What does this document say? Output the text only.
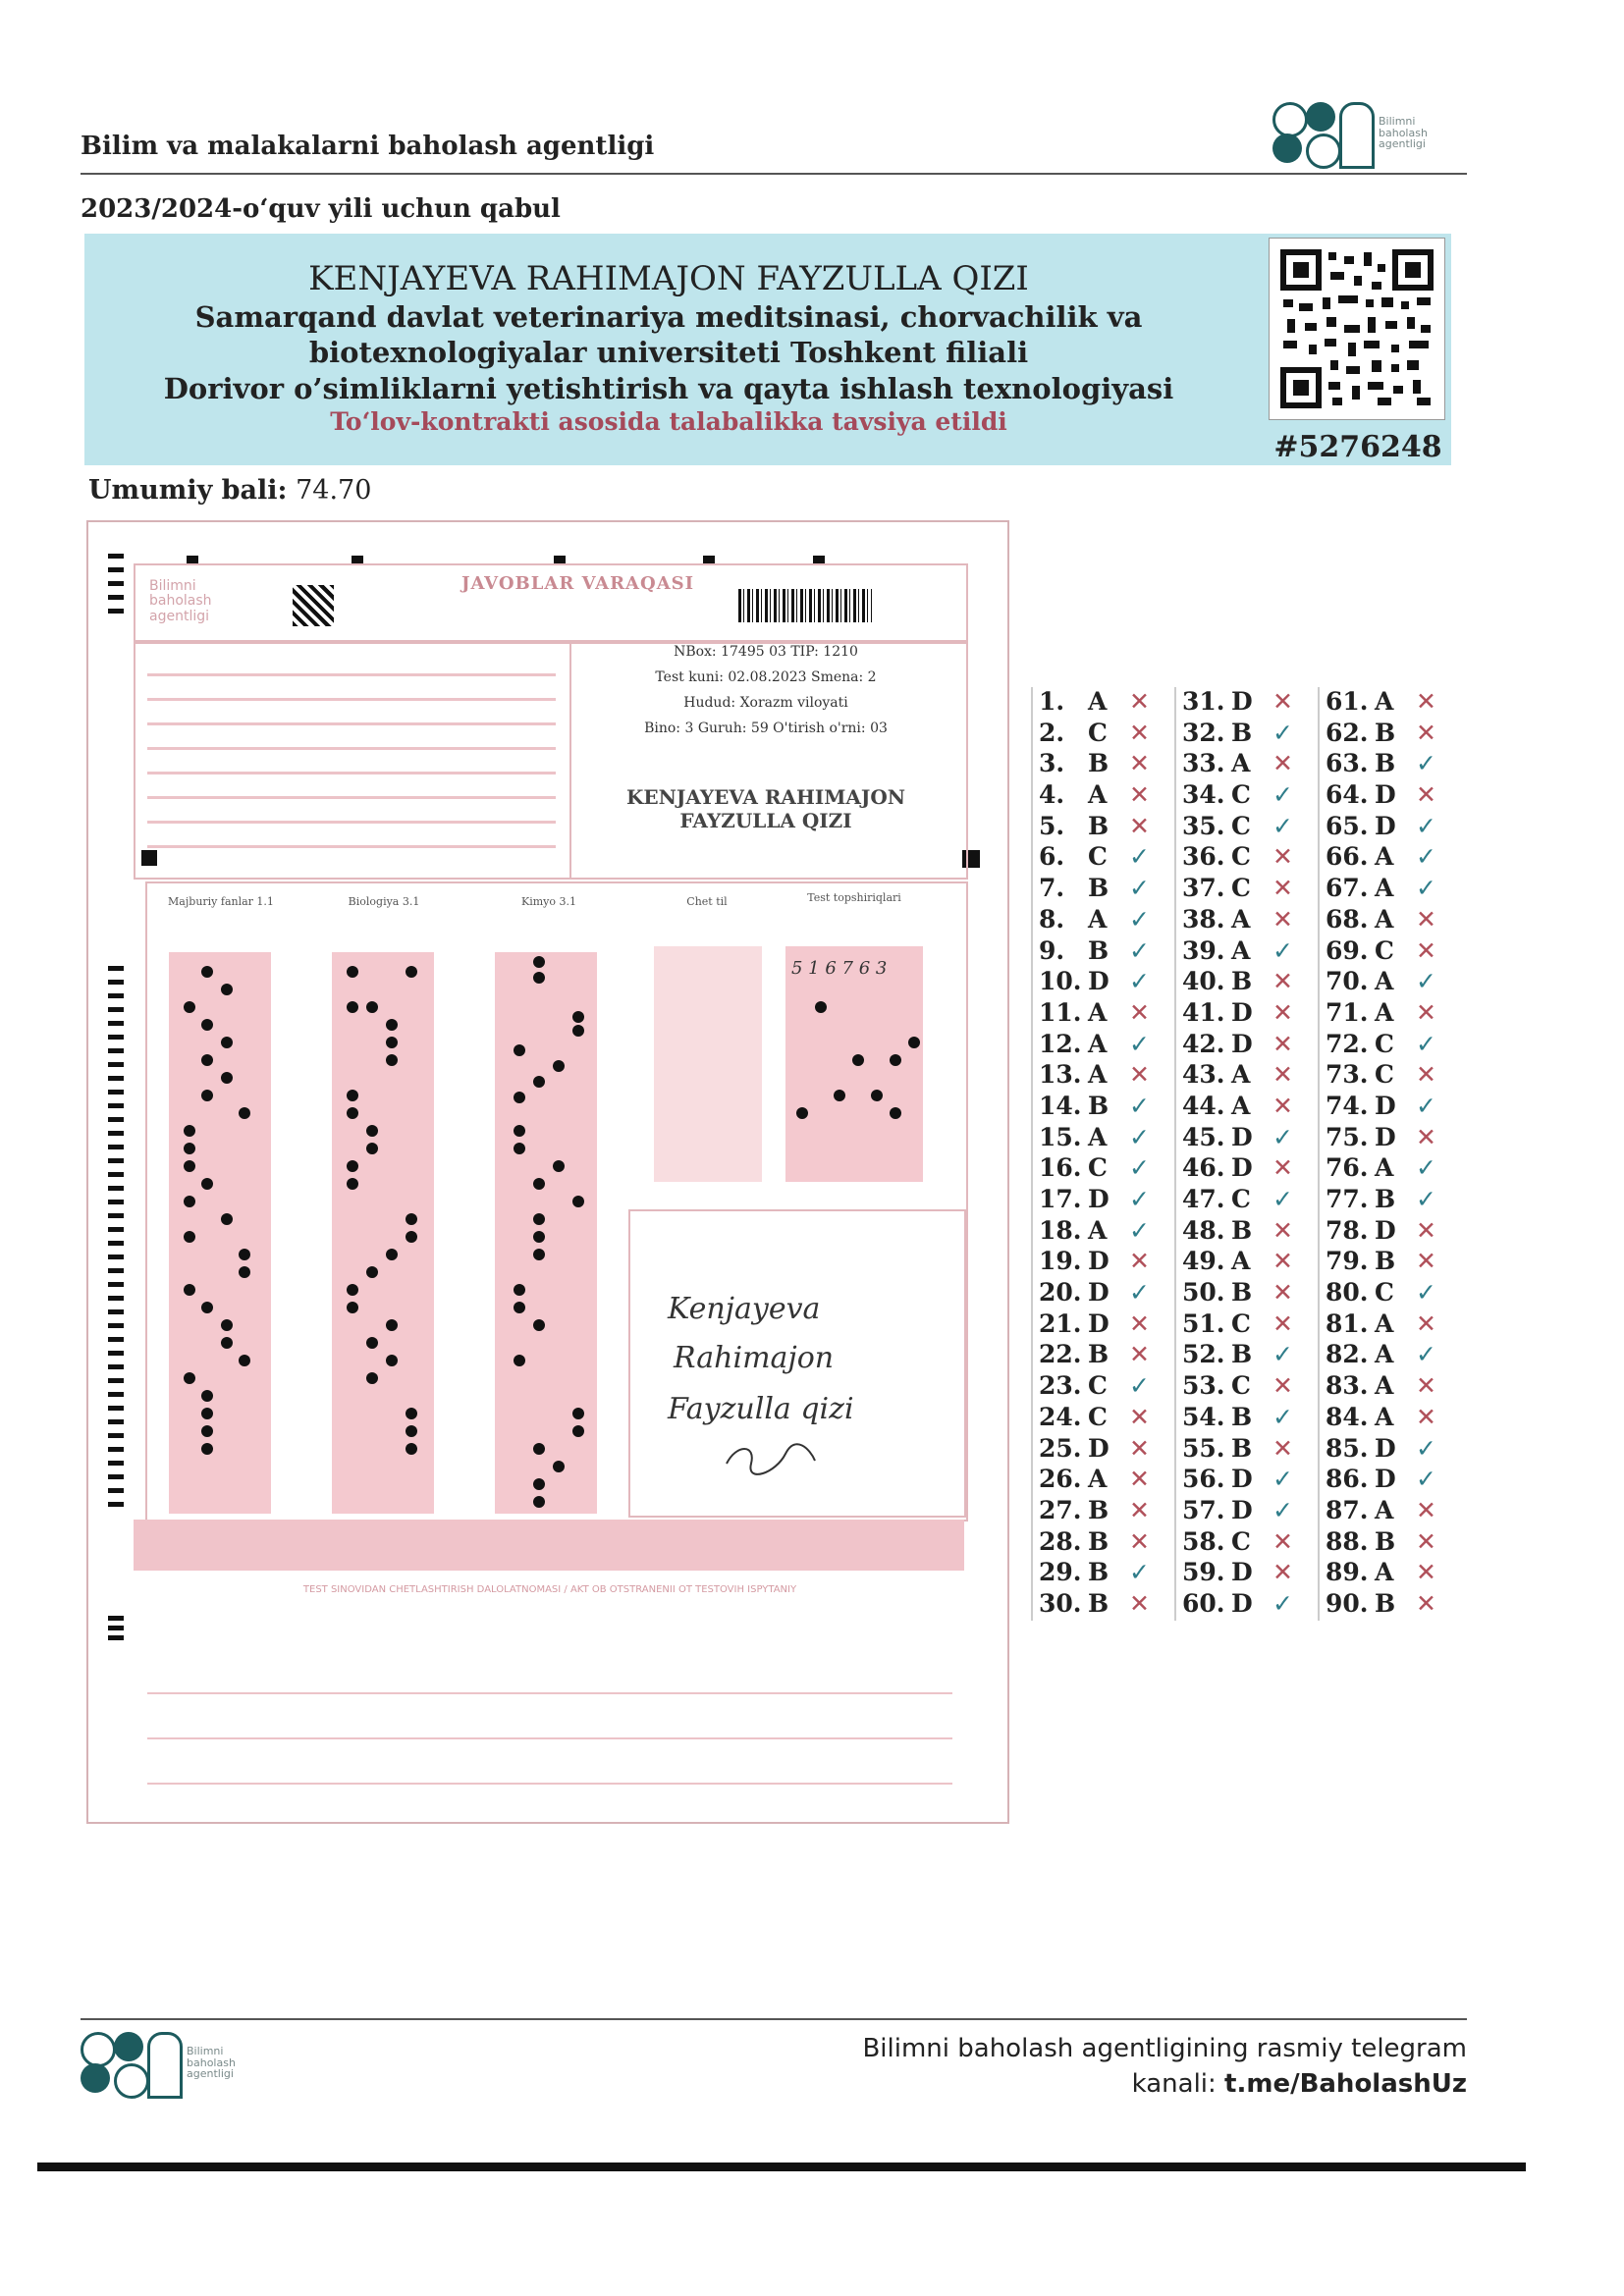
Bilim va malakalarni baholash agentligi
Bilimni
baholash
agentligi
2023/2024-o‘quv yili uchun qabul
KENJAYEVA RAHIMAJON FAYZULLA QIZI
Samarqand davlat veterinariya meditsinasi, chorvachilik va
biotexnologiyalar universiteti Toshkent filiali
Dorivor o’simliklarni yetishtirish va qayta ishlash texnologiyasi
To‘lov-kontrakti asosida talabalikka tavsiya etildi
#5276248
Umumiy bali: 74.70
JAVOBLAR VARAQASI
Bilimni
baholash
agentligi
NBox: 17495 03 TIP: 1210
Test kuni: 02.08.2023 Smena: 2
Hudud: Xorazm viloyati
Bino: 3 Guruh: 59 O'tirish o'rni: 03
KENJAYEVA RAHIMAJON
FAYZULLA QIZI
Majburiy fanlar 1.1	Biologiya 3.1	Kimyo 3.1	Chet til	Test topshiriqlari
5 1 6 7 6 3
Kenjayeva
Rahimajon
Fayzulla qizi
TEST SINOVIDAN CHETLASHTIRISH DALOLATNOMASI / AKT OB OTSTRANENII OT TESTOVIH ISPYTANIY
1. A ✕
2. C ✕
3. B ✕
4. A ✕
5. B ✕
6. C ✓
7. B ✓
8. A ✓
9. B ✓
10. D ✓
11. A ✕
12. A ✓
13. A ✕
14. B ✓
15. A ✓
16. C ✓
17. D ✓
18. A ✓
19. D ✕
20. D ✓
21. D ✕
22. B ✕
23. C ✓
24. C ✕
25. D ✕
26. A ✕
27. B ✕
28. B ✕
29. B ✓
30. B ✕
31. D ✕
32. B ✓
33. A ✕
34. C ✓
35. C ✓
36. C ✕
37. C ✕
38. A ✕
39. A ✓
40. B ✕
41. D ✕
42. D ✕
43. A ✕
44. A ✕
45. D ✓
46. D ✕
47. C ✓
48. B ✕
49. A ✕
50. B ✕
51. C ✕
52. B ✓
53. C ✕
54. B ✓
55. B ✕
56. D ✓
57. D ✓
58. C ✕
59. D ✕
60. D ✓
61. A ✕
62. B ✕
63. B ✓
64. D ✕
65. D ✓
66. A ✓
67. A ✓
68. A ✕
69. C ✕
70. A ✓
71. A ✕
72. C ✓
73. C ✕
74. D ✓
75. D ✕
76. A ✓
77. B ✓
78. D ✕
79. B ✕
80. C ✓
81. A ✕
82. A ✓
83. A ✕
84. A ✕
85. D ✓
86. D ✓
87. A ✕
88. B ✕
89. A ✕
90. B ✕
Bilimni
baholash
agentligi
Bilimni baholash agentligining rasmiy telegram
kanali: t.me/BaholashUz
